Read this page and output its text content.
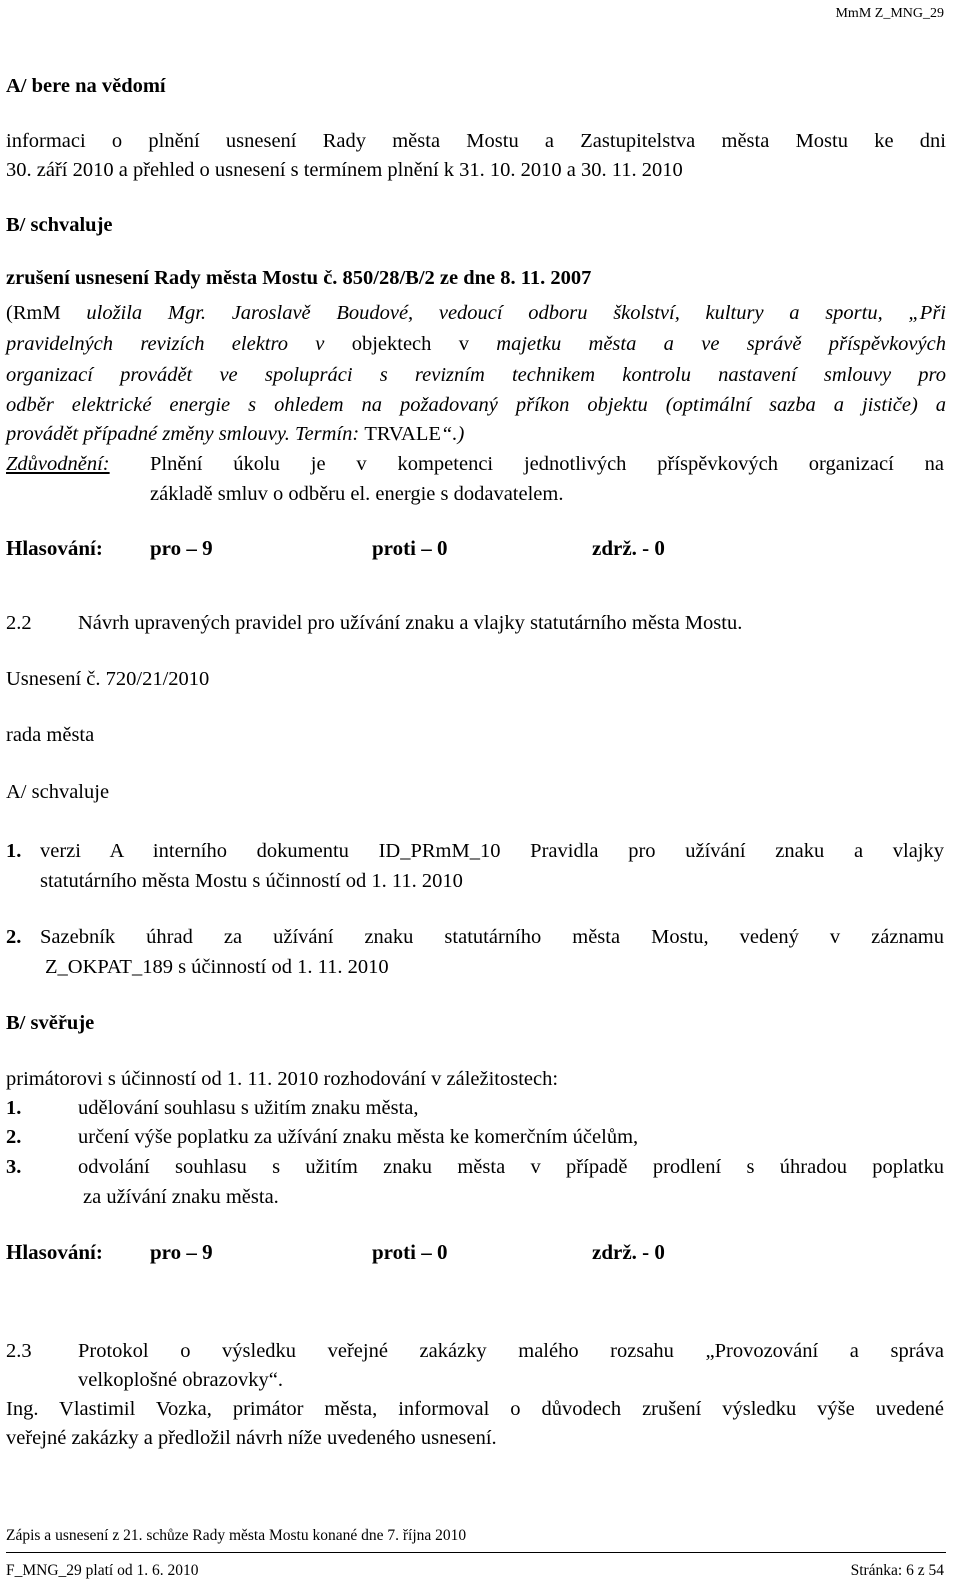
MmM Z_MNG_29
A/ bere na vědomí
informaci o plnění usnesení Rady města Mostu a Zastupitelstva města Mostu ke dni
30. září 2010 a přehled o usnesení s termínem plnění k 31. 10. 2010 a 30. 11. 2010
B/ schvaluje
zrušení usnesení Rady města Mostu č. 850/28/B/2 ze dne 8. 11. 2007
(RmM uložila Mgr. Jaroslavě Boudové, vedoucí odboru školství, kultury a sportu, „Při
pravidelných revizích elektro v objektech v majetku města a ve správě příspěvkových
organizací provádět ve spolupráci s revizním technikem kontrolu nastavení smlouvy pro
odběr elektrické energie s ohledem na požadovaný příkon objektu (optimální sazba a jističe) a
provádět případné změny smlouvy. Termín: TRVALE“.)
Zdůvodnění: Plnění úkolu je v kompetenci jednotlivých příspěvkových organizací na
základě smluv o odběru el. energie s dodavatelem.
Hlasování: pro – 9	proti – 0	zdrž. - 0
2.2 Návrh upravených pravidel pro užívání znaku a vlajky statutárního města Mostu.
Usnesení č. 720/21/2010
rada města
A/ schvaluje
1. verzi A interního dokumentu ID_PRmM_10 Pravidla pro užívání znaku a vlajky
statutárního města Mostu s účinností od 1. 11. 2010
2. Sazebník úhrad za užívání znaku statutárního města Mostu, vedený v záznamu
Z_OKPAT_189 s účinností od 1. 11. 2010
B/ svěřuje
primátorovi s účinností od 1. 11. 2010 rozhodování v záležitostech:
1.	udělování souhlasu s užitím znaku města,
2.	určení výše poplatku za užívání znaku města ke komerčním účelům,
3.	odvolání souhlasu s užitím znaku města v případě prodlení s úhradou poplatku
za užívání znaku města.
Hlasování: pro – 9	proti – 0	zdrž. - 0
2.3 Protokol o výsledku veřejné zakázky malého rozsahu „Provozování a správa
velkoplošné obrazovky“.
Ing. Vlastimil Vozka, primátor města, informoval o důvodech zrušení výsledku výše uvedené
veřejné zakázky a předložil návrh níže uvedeného usnesení.
Zápis a usnesení z 21. schůze Rady města Mostu konané dne 7. října 2010
F_MNG_29 platí od 1. 6. 2010	Stránka: 6 z 54
